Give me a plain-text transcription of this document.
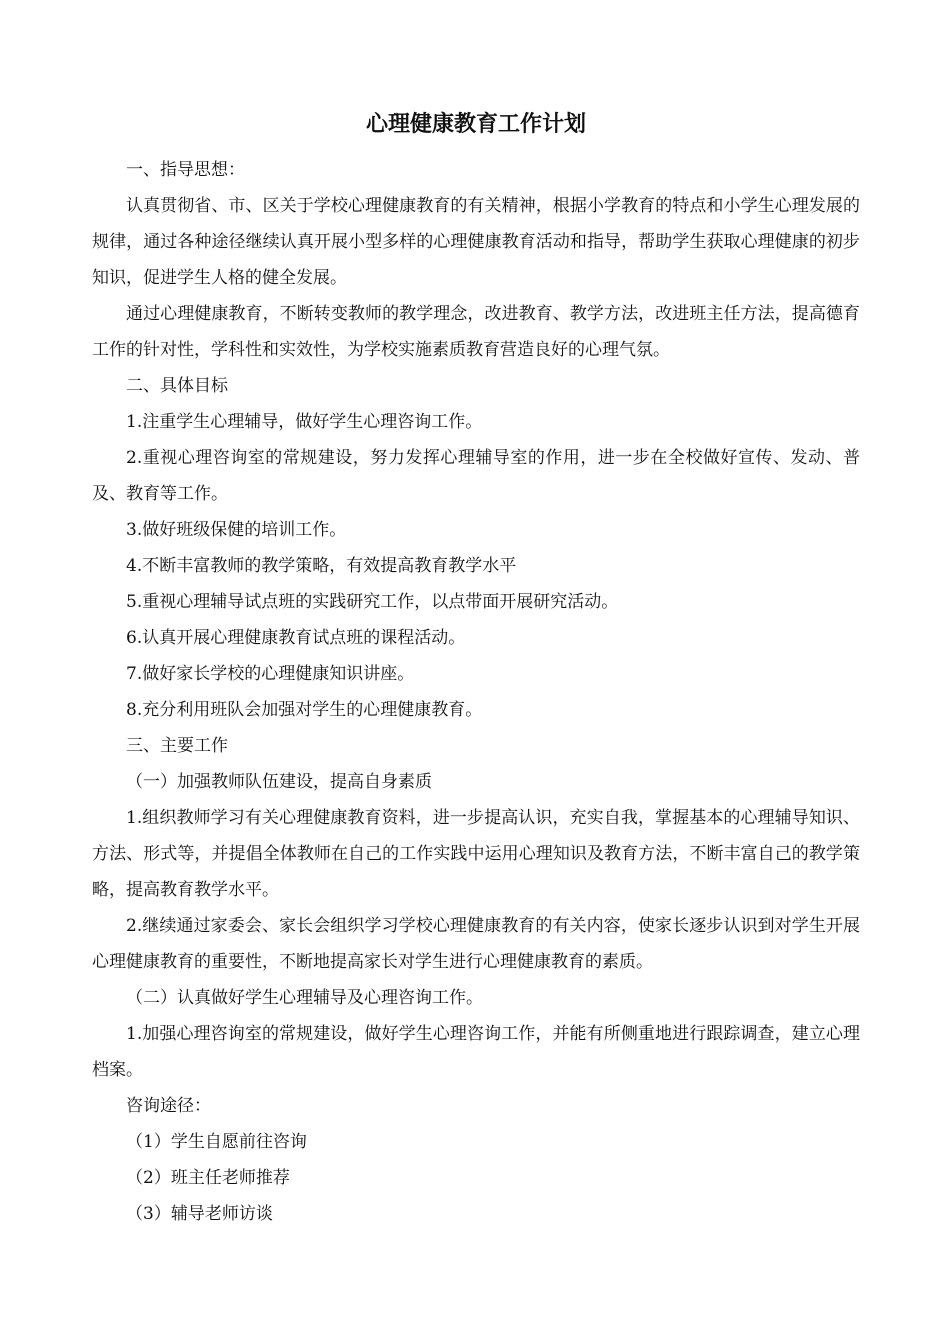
心理健康教育工作计划

一、指导思想：

认真贯彻省、市、区关于学校心理健康教育的有关精神，根据小学教育的特点和小学生心理发展的规律，通过各种途径继续认真开展小型多样的心理健康教育活动和指导，帮助学生获取心理健康的初步知识，促进学生人格的健全发展。

通过心理健康教育，不断转变教师的教学理念，改进教育、教学方法，改进班主任方法，提高德育工作的针对性，学科性和实效性，为学校实施素质教育营造良好的心理气氛。

二、具体目标

1.注重学生心理辅导，做好学生心理咨询工作。

2.重视心理咨询室的常规建设，努力发挥心理辅导室的作用，进一步在全校做好宣传、发动、普及、教育等工作。

3.做好班级保健的培训工作。

4.不断丰富教师的教学策略，有效提高教育教学水平

5.重视心理辅导试点班的实践研究工作，以点带面开展研究活动。

6.认真开展心理健康教育试点班的课程活动。

7.做好家长学校的心理健康知识讲座。

8.充分利用班队会加强对学生的心理健康教育。

三、主要工作

（一）加强教师队伍建设，提高自身素质

1.组织教师学习有关心理健康教育资料，进一步提高认识，充实自我，掌握基本的心理辅导知识、方法、形式等，并提倡全体教师在自己的工作实践中运用心理知识及教育方法，不断丰富自己的教学策略，提高教育教学水平。

2.继续通过家委会、家长会组织学习学校心理健康教育的有关内容，使家长逐步认识到对学生开展心理健康教育的重要性，不断地提高家长对学生进行心理健康教育的素质。

（二）认真做好学生心理辅导及心理咨询工作。

1.加强心理咨询室的常规建设，做好学生心理咨询工作，并能有所侧重地进行跟踪调查，建立心理档案。

咨询途径：

（1）学生自愿前往咨询

（2）班主任老师推荐

（3）辅导老师访谈
